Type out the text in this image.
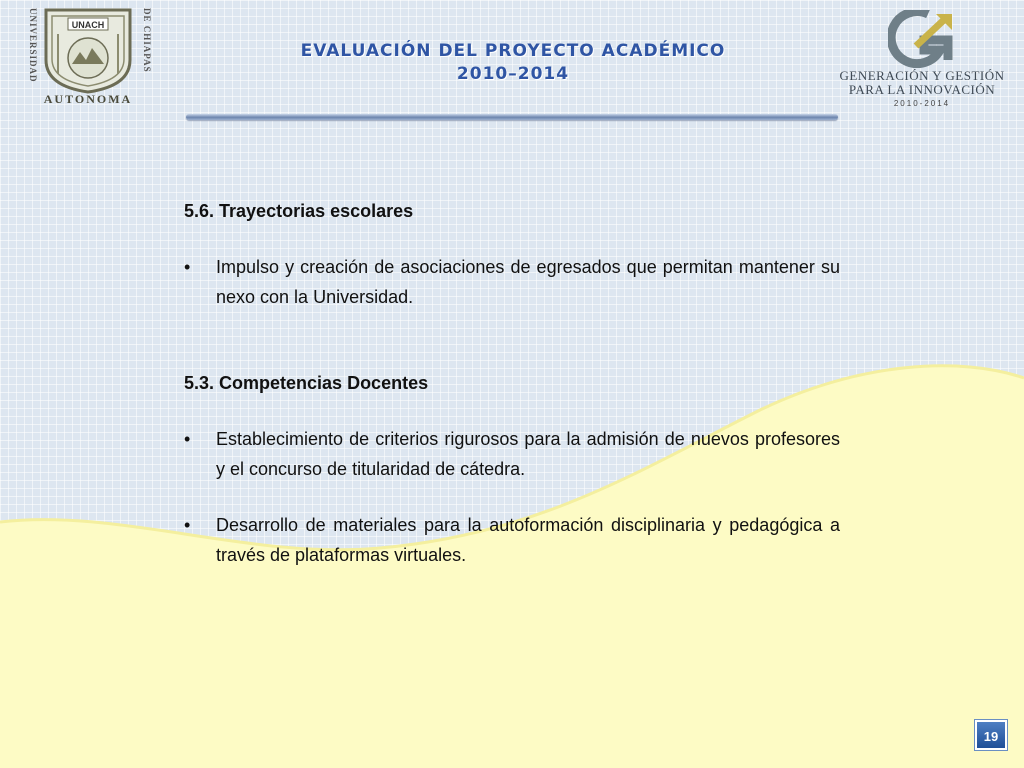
UNIVERSIDAD	DE CHIAPAS
UNACH
AUTONOMA
EVALUACIÓN DEL PROYECTO ACADÉMICO
2010–2014	GENERACIÓN Y GESTIÓN
PARA LA INNOVACIÓN
2010-2014

5.6. Trayectorias escolares

•	Impulso y creación de asociaciones de egresados que permitan mantener su nexo con la Universidad.

5.3. Competencias Docentes

•	Establecimiento de criterios rigurosos para la admisión de nuevos profesores y el concurso de titularidad de cátedra.
•	Desarrollo de materiales para la autoformación disciplinaria y pedagógica a través de plataformas virtuales.
19
